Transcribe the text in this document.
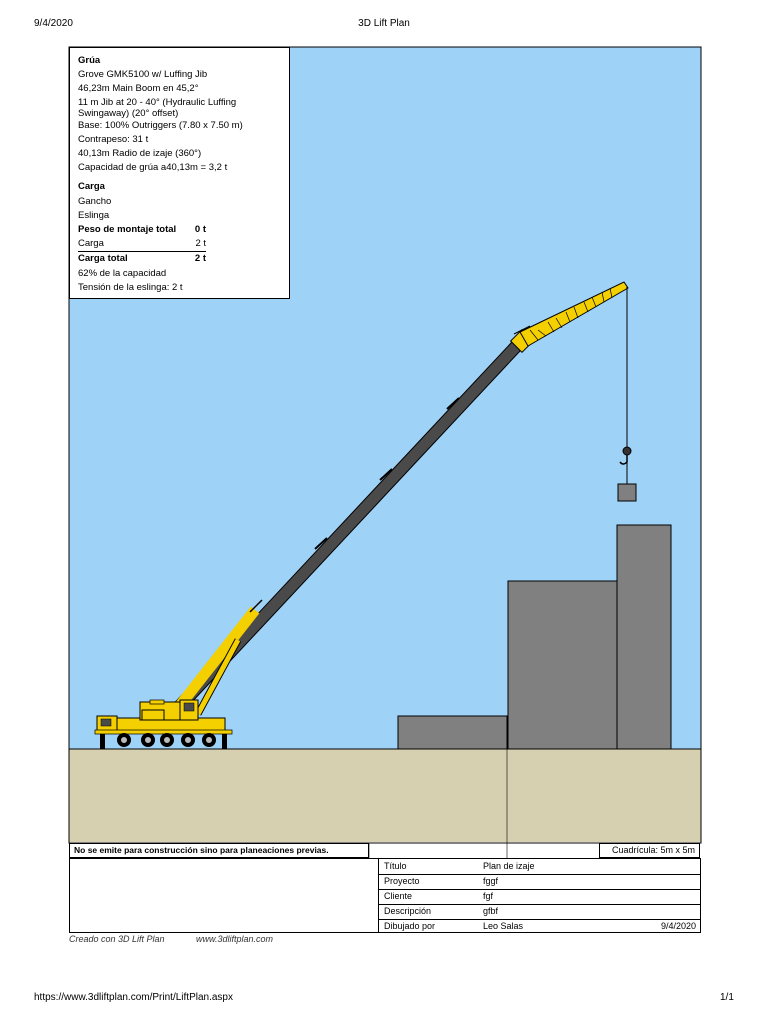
9/4/2020	3D Lift Plan
Grúa
Grove GMK5100 w/ Luffing Jib
46,23m Main Boom en 45,2°
11 m Jib at 20 - 40° (Hydraulic Luffing Swingaway) (20° offset)
Base: 100% Outriggers (7.80 x 7.50 m)
Contrapeso: 31 t
40,13m Radio de izaje (360°)
Capacidad de grúa a40,13m = 3,2 t
Carga
Gancho
Eslinga
Peso de montaje total 0 t
Carga	2 t
Carga total	2 t
62% de la capacidad
Tensión de la eslinga: 2 t
No se emite para construcción sino para planeaciones previas.	Cuadrícula: 5m x 5m
Título	Plan de izaje
Proyecto	fggf
Cliente	fgf
Descripción	gfbf
Dibujado por	Leo Salas	9/4/2020
Creado con 3D Lift Plan	www.3dliftplan.com
https://www.3dliftplan.com/Print/LiftPlan.aspx	1/1
